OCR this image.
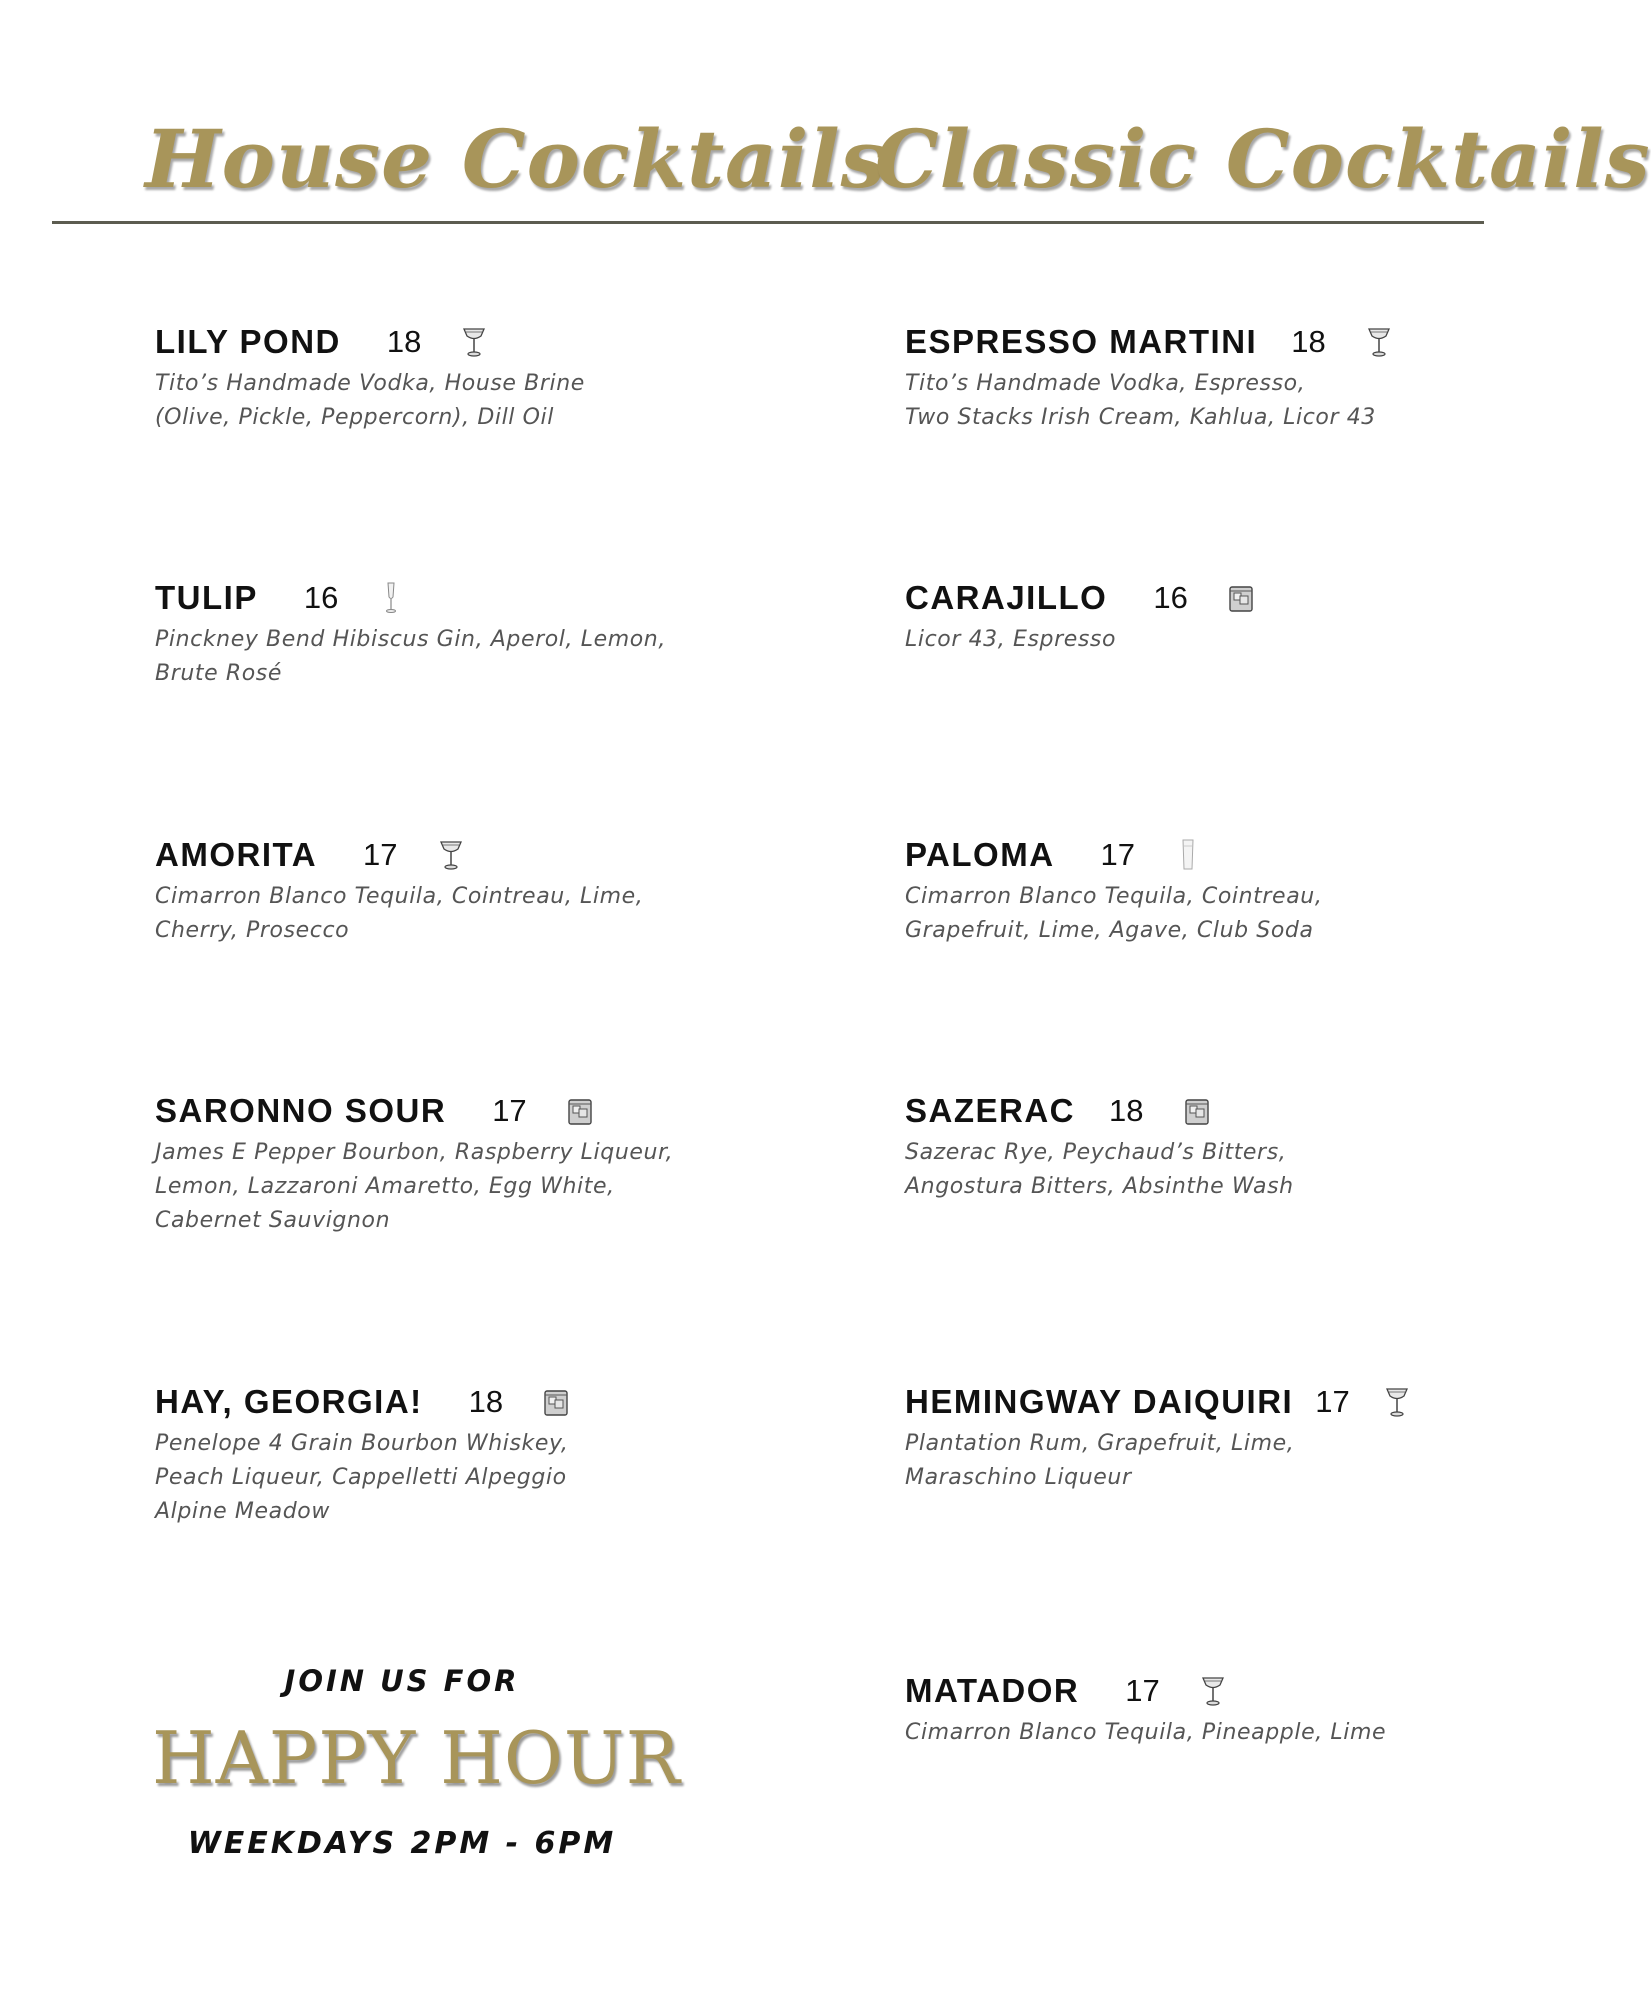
House Cocktails
Classic Cocktails
LILY POND 18
Tito’s Handmade Vodka, House Brine
(Olive, Pickle, Peppercorn), Dill Oil
TULIP 16
Pinckney Bend Hibiscus Gin, Aperol, Lemon,
Brute Rosé
AMORITA 17
Cimarron Blanco Tequila, Cointreau, Lime,
Cherry, Prosecco
SARONNO SOUR 17
James E Pepper Bourbon, Raspberry Liqueur,
Lemon, Lazzaroni Amaretto, Egg White,
Cabernet Sauvignon
HAY, GEORGIA! 18
Penelope 4 Grain Bourbon Whiskey,
Peach Liqueur, Cappelletti Alpeggio
Alpine Meadow
ESPRESSO MARTINI 18
Tito’s Handmade Vodka, Espresso,
Two Stacks Irish Cream, Kahlua, Licor 43
CARAJILLO 16
Licor 43, Espresso
PALOMA 17
Cimarron Blanco Tequila, Cointreau,
Grapefruit, Lime, Agave, Club Soda
SAZERAC 18
Sazerac Rye, Peychaud’s Bitters,
Angostura Bitters, Absinthe Wash
HEMINGWAY DAIQUIRI 17
Plantation Rum, Grapefruit, Lime,
Maraschino Liqueur
MATADOR 17
Cimarron Blanco Tequila, Pineapple, Lime
JOIN US FOR
HAPPY HOUR
WEEKDAYS 2PM - 6PM
